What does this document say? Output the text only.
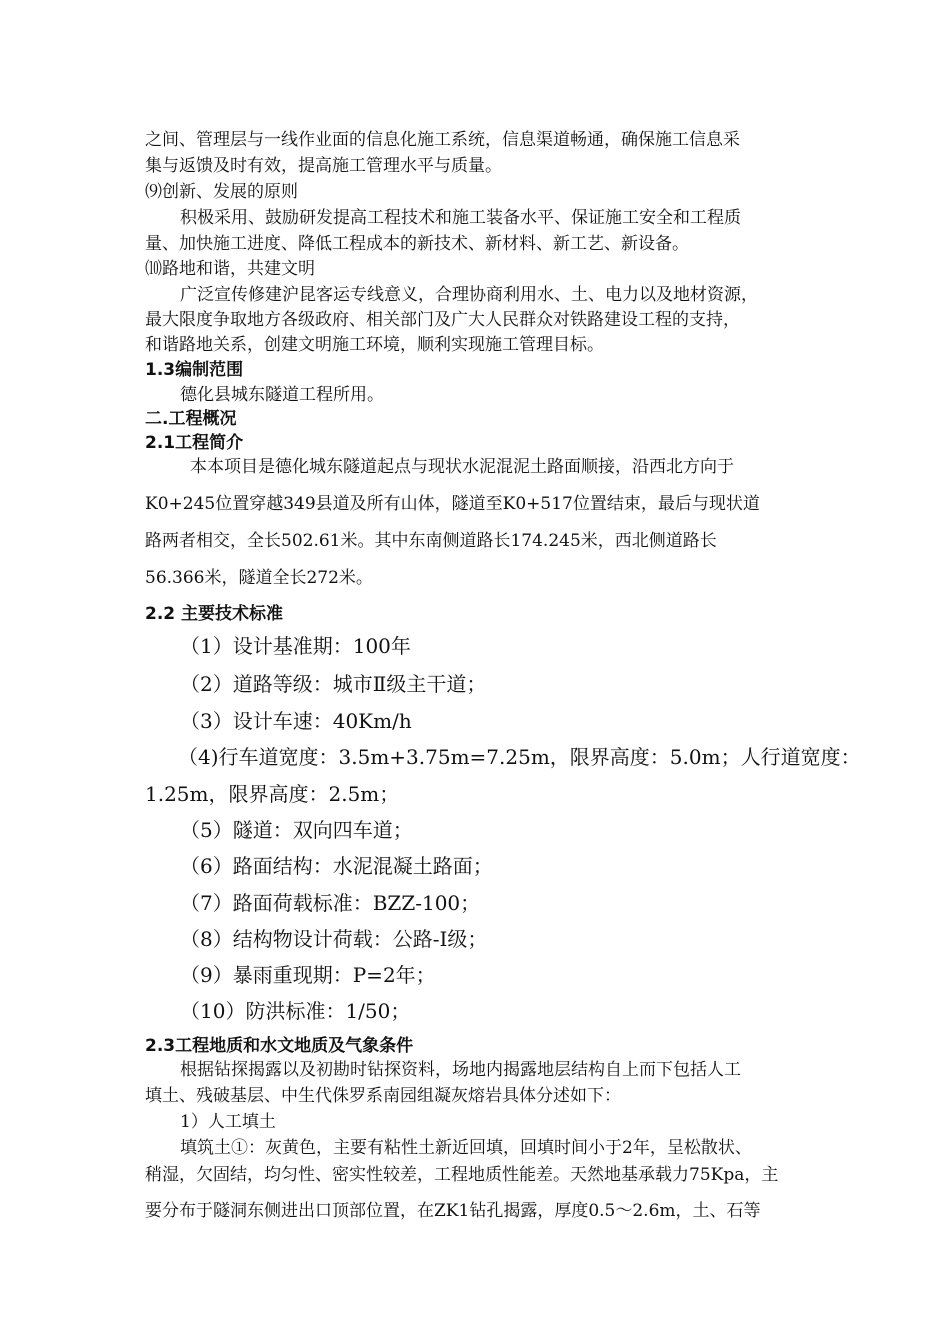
之间、管理层与一线作业面的信息化施工系统，信息渠道畅通，确保施工信息采
集与返馈及时有效，提高施工管理水平与质量。
⑼创新、发展的原则
积极采用、鼓励研发提高工程技术和施工装备水平、保证施工安全和工程质
量、加快施工进度、降低工程成本的新技术、新材料、新工艺、新设备。
⑽路地和谐，共建文明
广泛宣传修建沪昆客运专线意义，合理协商利用水、土、电力以及地材资源，
最大限度争取地方各级政府、相关部门及广大人民群众对铁路建设工程的支持，
和谐路地关系，创建文明施工环境，顺利实现施工管理目标。
1.3编制范围
德化县城东隧道工程所用。
二.工程概况
2.1工程简介
本本项目是德化城东隧道起点与现状水泥混泥土路面顺接，沿西北方向于
K0+245位置穿越349县道及所有山体，隧道至K0+517位置结束，最后与现状道
路两者相交，全长502.61米。其中东南侧道路长174.245米，西北侧道路长
56.366米，隧道全长272米。
2.2 主要技术标准
（1）设计基准期：100年
（2）道路等级：城市Ⅱ级主干道；
（3）设计车速：40Km/h
（4)行车道宽度：3.5m+3.75m=7.25m，限界高度：5.0m；人行道宽度：
1.25m，限界高度：2.5m；
（5）隧道：双向四车道；
（6）路面结构：水泥混凝土路面；
（7）路面荷载标准：BZZ-100；
（8）结构物设计荷载：公路-I级；
（9）暴雨重现期：P=2年；
（10）防洪标准：1/50；
2.3工程地质和水文地质及气象条件
根据钻探揭露以及初勘时钻探资料，场地内揭露地层结构自上而下包括人工
填土、残破基层、中生代侏罗系南园组凝灰熔岩具体分述如下：
1）人工填土
填筑土①：灰黄色，主要有粘性土新近回填，回填时间小于2年，呈松散状、
稍湿，欠固结，均匀性、密实性较差，工程地质性能差。天然地基承载力75Kpa，主
要分布于隧洞东侧进出口顶部位置，在ZK1钻孔揭露，厚度0.5～2.6m，土、石等
